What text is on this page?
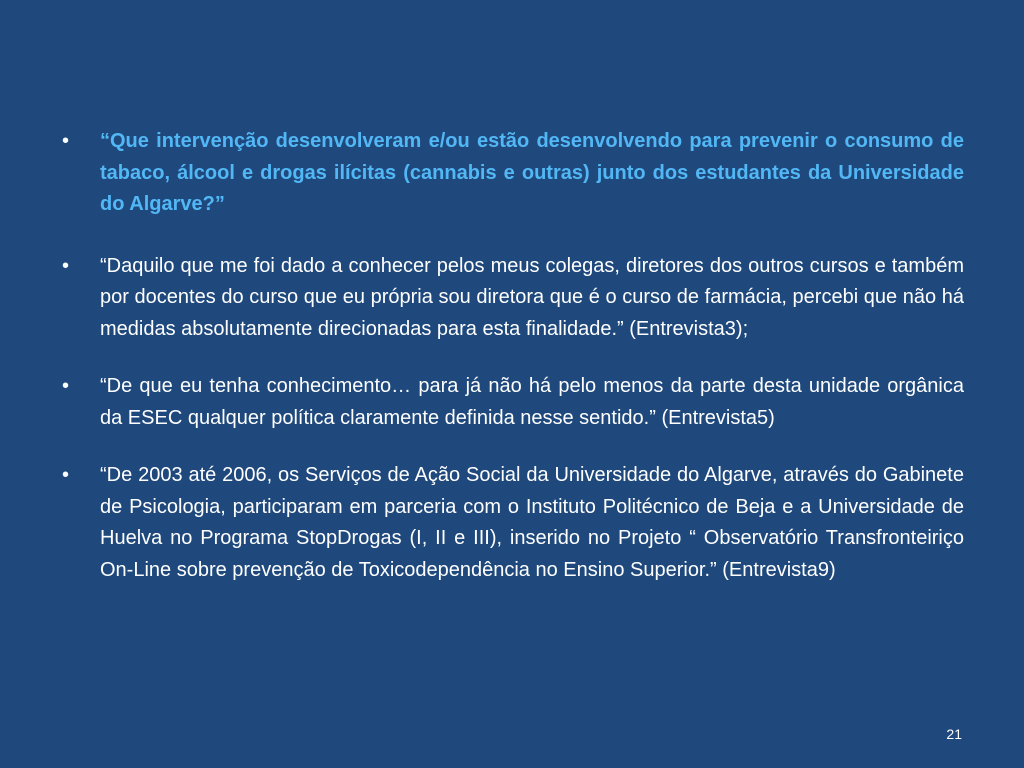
•	“Que intervenção desenvolveram e/ou estão desenvolvendo para prevenir o consumo de tabaco, álcool e drogas ilícitas (cannabis e outras) junto dos estudantes da Universidade do Algarve?”
•	“Daquilo que me foi dado a conhecer pelos meus colegas, diretores dos outros cursos e também por docentes do curso que eu própria sou diretora que é o curso de farmácia, percebi que não há medidas absolutamente direcionadas para esta finalidade.” (Entrevista3);
•	“De que eu tenha conhecimento… para já não há pelo menos da parte desta unidade orgânica da ESEC qualquer política claramente definida nesse sentido.” (Entrevista5)
•	“De 2003 até 2006, os Serviços de Ação Social da Universidade do Algarve, através do Gabinete de Psicologia, participaram em parceria com o Instituto Politécnico de Beja e a Universidade de Huelva no Programa StopDrogas (I, II e III), inserido no Projeto “ Observatório Transfronteiriço On-Line sobre prevenção de Toxicodependência no Ensino Superior.” (Entrevista9)
21
